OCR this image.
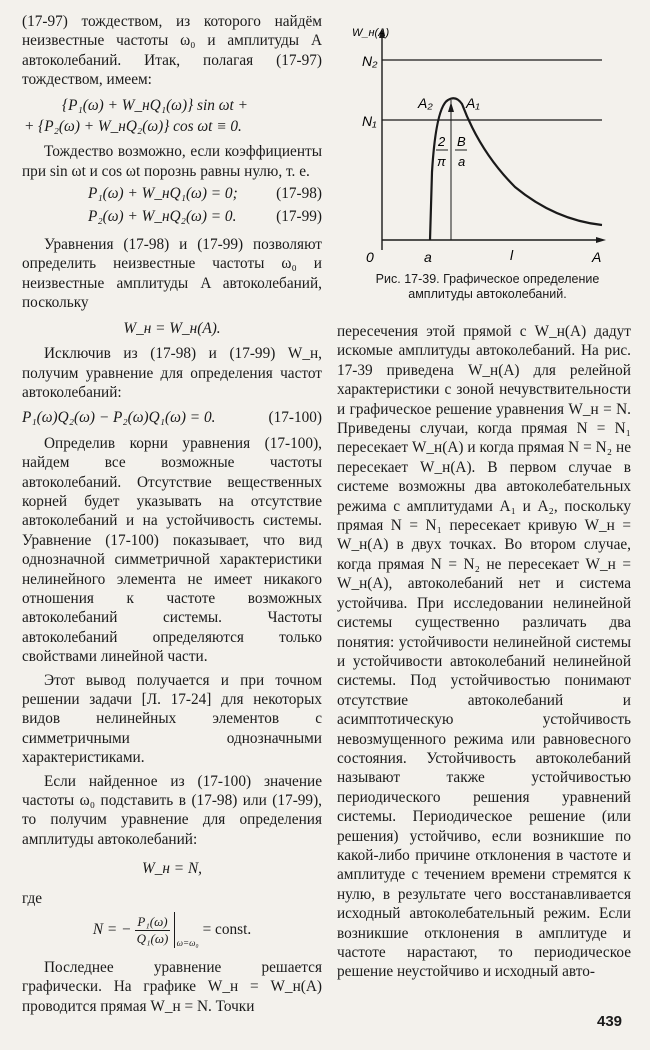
(17-97) тождеством, из которого найдём неизвестные частоты ω₀ и амплитуды A автоколебаний. Итак, полагая (17-97) тождеством, имеем:

{P₁(ω) + W_нQ₁(ω)} sin ωt +
+ {P₂(ω) + W_нQ₂(ω)} cos ωt ≡ 0.

Тождество возможно, если коэффициенты при sin ωt и cos ωt порознь равны нулю, т. е.

P₁(ω) + W_нQ₁(ω) = 0;	(17-98)
P₂(ω) + W_нQ₂(ω) = 0.	(17-99)

Уравнения (17-98) и (17-99) позволяют определить неизвестные частоты ω₀ и неизвестные амплитуды A автоколебаний, поскольку

W_н = W_н(A).

Исключив из (17-98) и (17-99) W_н, получим уравнение для определения частот автоколебаний:

P₁(ω)Q₂(ω) − P₂(ω)Q₁(ω) = 0.	(17-100)

Определив корни уравнения (17-100), найдем все возможные частоты автоколебаний. Отсутствие вещественных корней будет указывать на отсутствие автоколебаний и на устойчивость системы. Уравнение (17-100) показывает, что вид однозначной симметричной характеристики нелинейного элемента не имеет никакого отношения к частоте возможных автоколебаний системы. Частоты автоколебаний определяются только свойствами линейной части.

Этот вывод получается и при точном решении задачи [Л. 17-24] для некоторых видов нелинейных элементов с симметричными однозначными характеристиками.

Если найденное из (17-100) значение частоты ω₀ подставить в (17-98) или (17-99), то получим уравнение для определения амплитуды автоколебаний:

W_н = N,

где

N = − $\frac{\text{P₁(ω)}}{\text{Q₁(ω)}} \omega=\omega_0$
= const.

Последнее уравнение решается графически. На графике W_н = W_н(A) проводится прямая W_н = N. Точки

W_н(A)
N₂
N₁
A₂ A₁
2
π
B
a
0	a	l	A
Рис. 17-39. Графическое определение амплитуды автоколебаний.

пересечения этой прямой с W_н(A) дадут искомые амплитуды автоколебаний. На рис. 17-39 приведена W_н(A) для релейной характеристики с зоной нечувствительности и графическое решение уравнения W_н = N. Приведены случаи, когда прямая N = N₁ пересекает W_н(A) и когда прямая N = N₂ не пересекает W_н(A). В первом случае в системе возможны два автоколебательных режима с амплитудами A₁ и A₂, поскольку прямая N = N₁ пересекает кривую W_н = W_н(A) в двух точках. Во втором случае, когда прямая N = N₂ не пересекает W_н = W_н(A), автоколебаний нет и система устойчива. При исследовании нелинейной системы существенно различать два понятия: устойчивости нелинейной системы и устойчивости автоколебаний нелинейной системы. Под устойчивостью понимают отсутствие автоколебаний и асимптотическую устойчивость невозмущенного режима или равновесного состояния. Устойчивость автоколебаний называют также устойчивостью периодического решения уравнений системы. Периодическое решение (или решения) устойчиво, если возникшие по какой-либо причине отклонения в частоте и амплитуде с течением времени стремятся к нулю, в результате чего восстанавливается исходный автоколебательный режим. Если возникшие отклонения в амплитуде и частоте нарастают, то периодическое решение неустойчиво и исходный авто-

439
